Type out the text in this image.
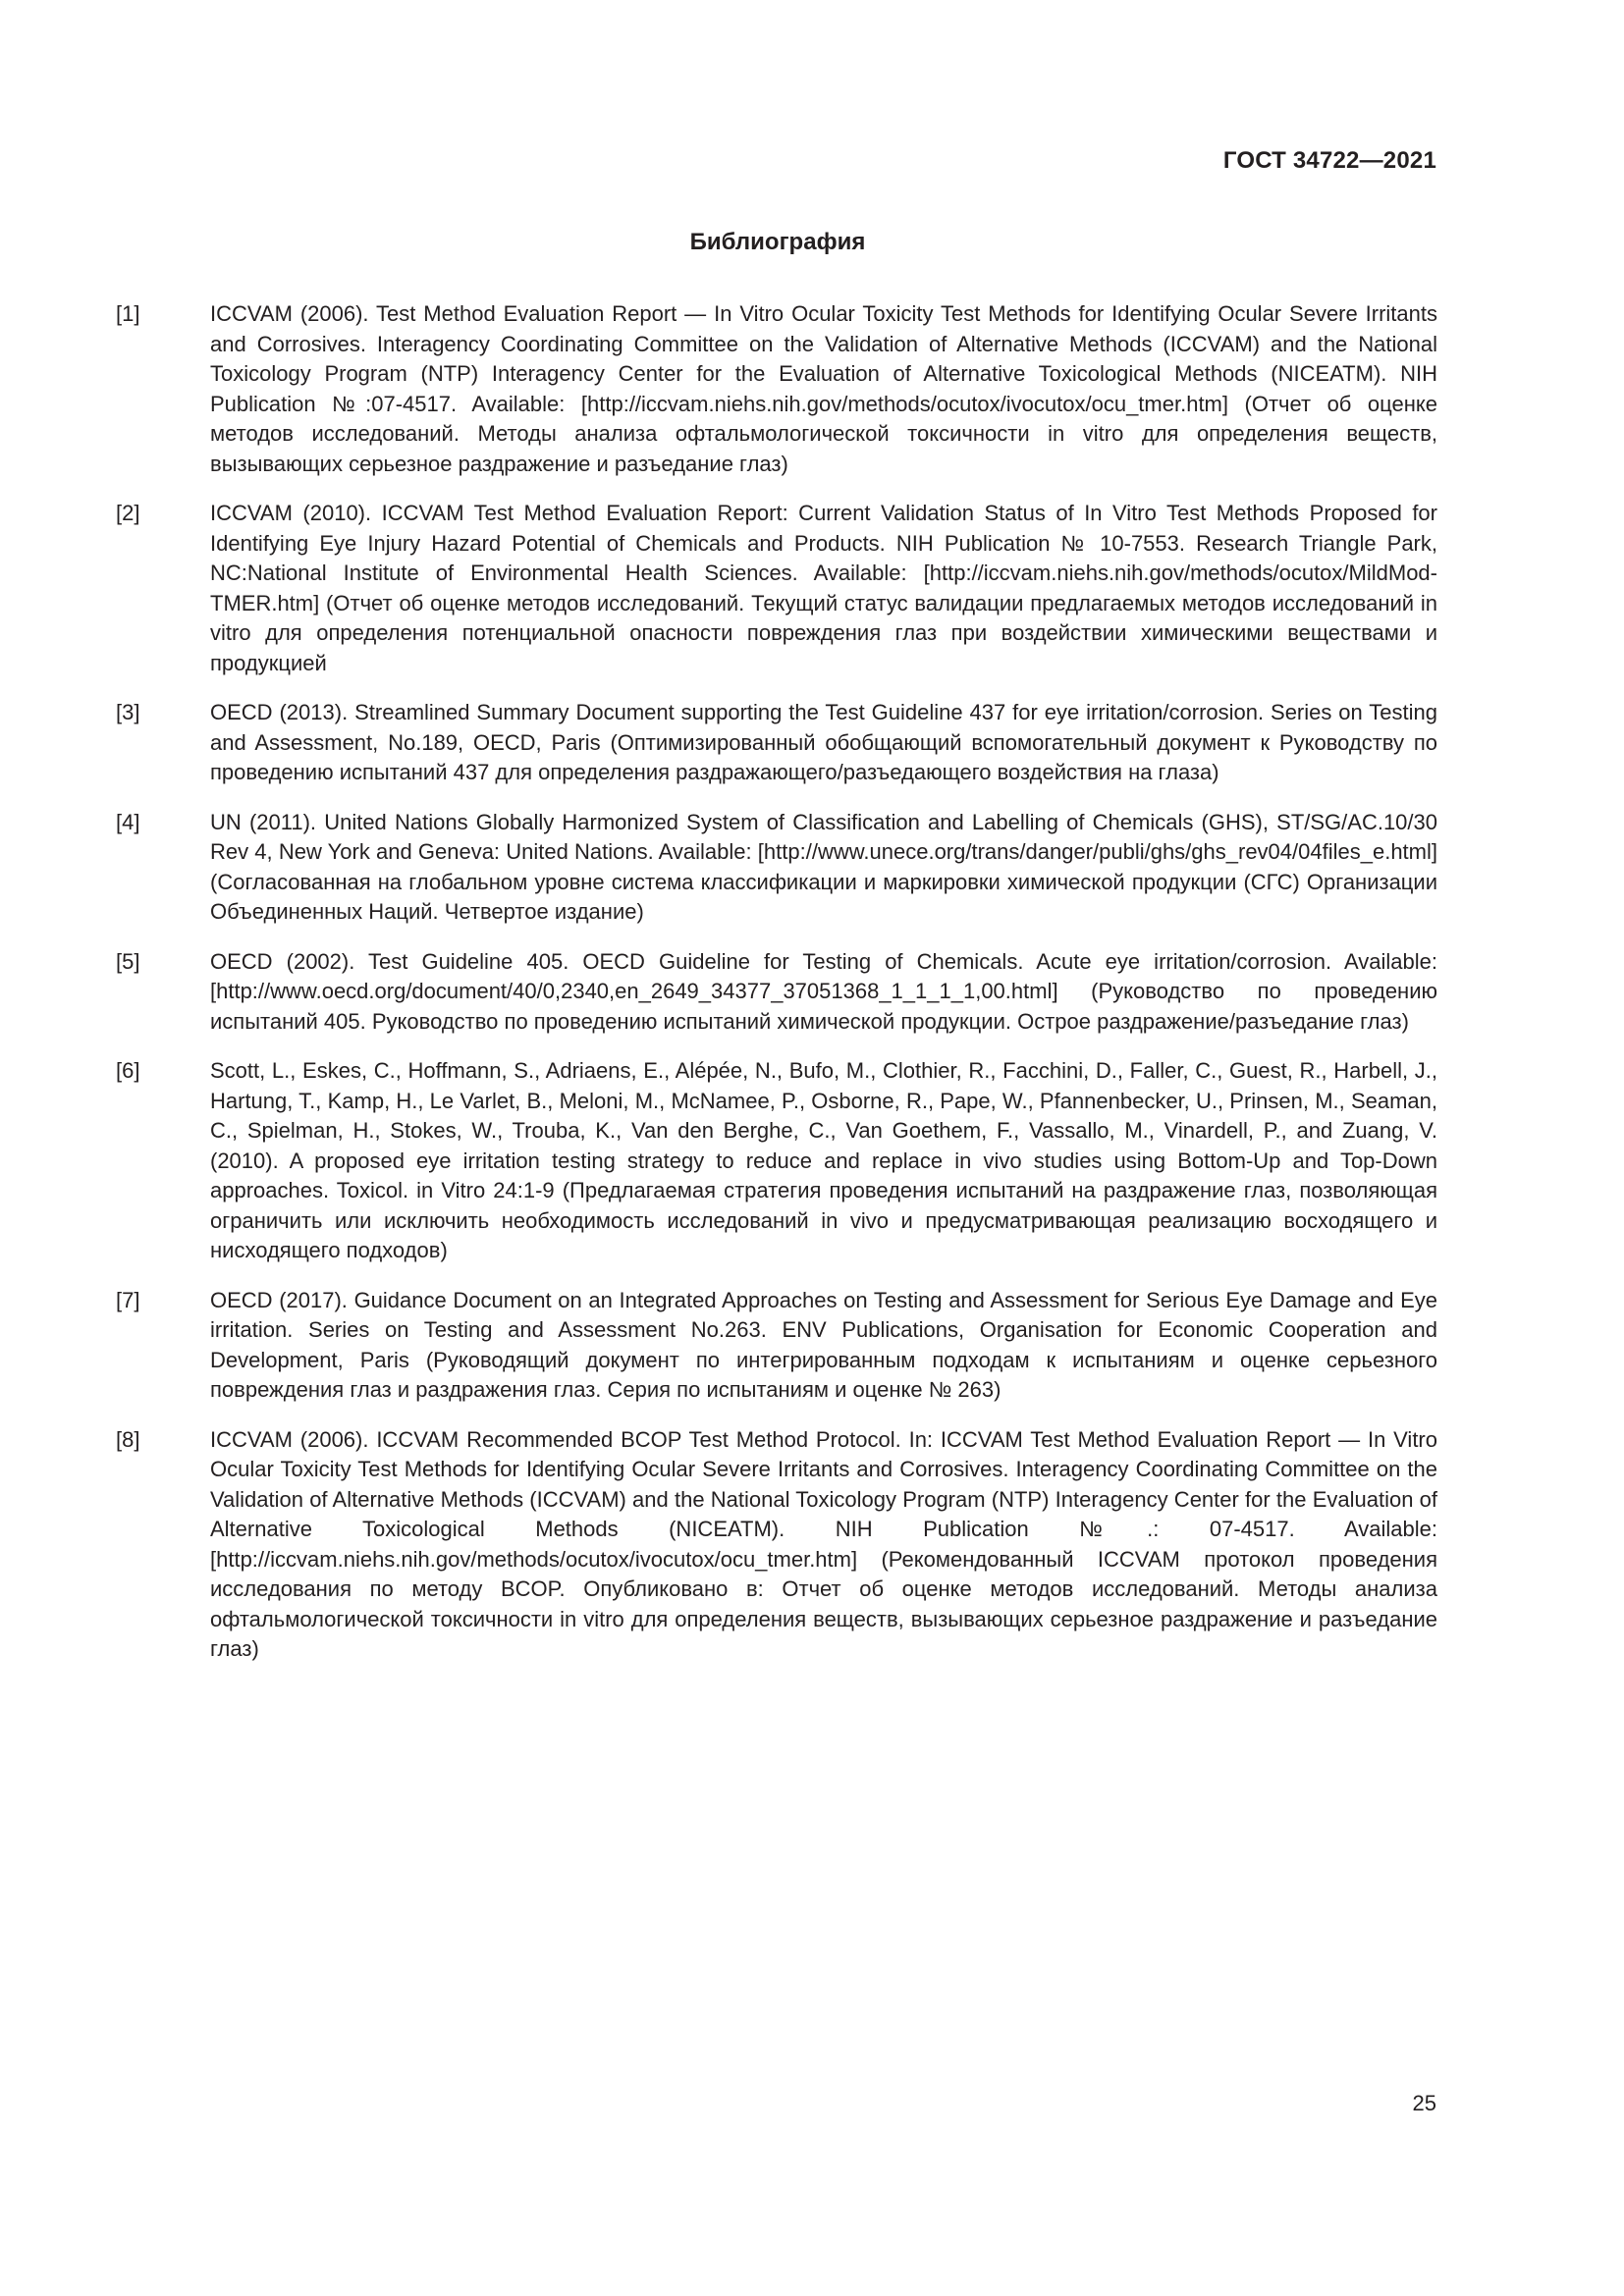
ГОСТ 34722—2021
Библиография
[1]	ICCVAM (2006). Test Method Evaluation Report — In Vitro Ocular Toxicity Test Methods for Identifying Ocular Severe Irritants and Corrosives. Interagency Coordinating Committee on the Validation of Alternative Methods (ICCVAM) and the National Toxicology Program (NTP) Interagency Center for the Evaluation of Alternative Toxicological Methods (NICEATM). NIH Publication №:07-4517. Available: [http://iccvam.niehs.nih.gov/methods/ocutox/ivocutox/ocu_tmer.htm] (Отчет об оценке методов исследований. Методы анализа офтальмологической токсичности in vitro для определения веществ, вызывающих серьезное раздражение и разъедание глаз)
[2]	ICCVAM (2010). ICCVAM Test Method Evaluation Report: Current Validation Status of In Vitro Test Methods Proposed for Identifying Eye Injury Hazard Potential of Chemicals and Products. NIH Publication № 10-7553. Research Triangle Park, NC:National Institute of Environmental Health Sciences. Available: [http://iccvam.niehs.nih.gov/methods/ocutox/MildMod-TMER.htm] (Отчет об оценке методов исследований. Текущий статус валидации предлагаемых методов исследований in vitro для определения потенциальной опасности повреждения глаз при воздействии химическими веществами и продукцией
[3]	OECD (2013). Streamlined Summary Document supporting the Test Guideline 437 for eye irritation/corrosion. Series on Testing and Assessment, No.189, OECD, Paris (Оптимизированный обобщающий вспомогательный документ к Руководству по проведению испытаний 437 для определения раздражающего/разъедающего воздействия на глаза)
[4]	UN (2011). United Nations Globally Harmonized System of Classification and Labelling of Chemicals (GHS), ST/SG/AC.10/30 Rev 4, New York and Geneva: United Nations. Available: [http://www.unece.org/trans/danger/publi/ghs/ghs_rev04/04files_e.html] (Согласованная на глобальном уровне система классификации и маркировки химической продукции (СГС) Организации Объединенных Наций. Четвертое издание)
[5]	OECD (2002). Test Guideline 405. OECD Guideline for Testing of Chemicals. Acute eye irritation/corrosion. Available: [http://www.oecd.org/document/40/0,2340,en_2649_34377_37051368_1_1_1_1,00.html] (Руководство по проведению испытаний 405. Руководство по проведению испытаний химической продукции. Острое раздражение/разъедание глаз)
[6]	Scott, L., Eskes, C., Hoffmann, S., Adriaens, E., Alépée, N., Bufo, M., Clothier, R., Facchini, D., Faller, C., Guest, R., Harbell, J., Hartung, T., Kamp, H., Le Varlet, B., Meloni, M., McNamee, P., Osborne, R., Pape, W., Pfannenbecker, U., Prinsen, M., Seaman, C., Spielman, H., Stokes, W., Trouba, K., Van den Berghe, C., Van Goethem, F., Vassallo, M., Vinardell, P., and Zuang, V. (2010). A proposed eye irritation testing strategy to reduce and replace in vivo studies using Bottom-Up and Top-Down approaches. Toxicol. in Vitro 24:1-9 (Предлагаемая стратегия проведения испытаний на раздражение глаз, позволяющая ограничить или исключить необходимость исследований in vivo и предусматривающая реализацию восходящего и нисходящего подходов)
[7]	OECD (2017). Guidance Document on an Integrated Approaches on Testing and Assessment for Serious Eye Damage and Eye irritation. Series on Testing and Assessment No.263. ENV Publications, Organisation for Economic Cooperation and Development, Paris (Руководящий документ по интегрированным подходам к испытаниям и оценке серьезного повреждения глаз и раздражения глаз. Серия по испытаниям и оценке № 263)
[8]	ICCVAM (2006). ICCVAM Recommended BCOP Test Method Protocol. In: ICCVAM Test Method Evaluation Report — In Vitro Ocular Toxicity Test Methods for Identifying Ocular Severe Irritants and Corrosives. Interagency Coordinating Committee on the Validation of Alternative Methods (ICCVAM) and the National Toxicology Program (NTP) Interagency Center for the Evaluation of Alternative Toxicological Methods (NICEATM). NIH Publication №.: 07-4517. Available: [http://iccvam.niehs.nih.gov/methods/ocutox/ivocutox/ocu_tmer.htm] (Рекомендованный ICCVAM протокол проведения исследования по методу BCOP. Опубликовано в: Отчет об оценке методов исследований. Методы анализа офтальмологической токсичности in vitro для определения веществ, вызывающих серьезное раздражение и разъедание глаз)
25
